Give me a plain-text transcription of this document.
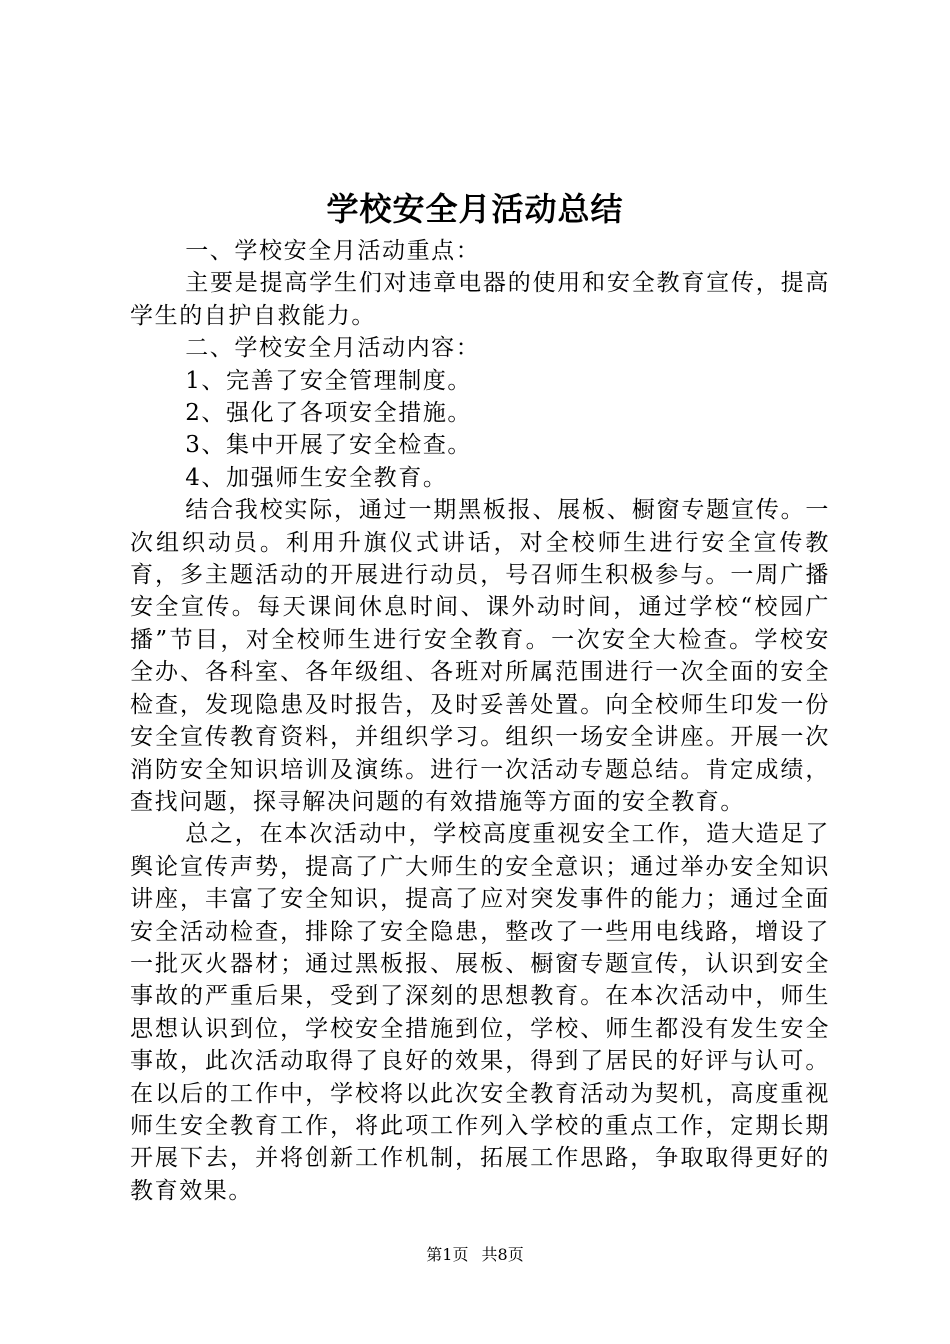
学校安全月活动总结

一、学校安全月活动重点：

主要是提高学生们对违章电器的使用和安全教育宣传，提高学生的自护自救能力。

二、学校安全月活动内容：

1、完善了安全管理制度。

2、强化了各项安全措施。

3、集中开展了安全检查。

4、加强师生安全教育。

结合我校实际，通过一期黑板报、展板、橱窗专题宣传。一次组织动员。利用升旗仪式讲话，对全校师生进行安全宣传教育，多主题活动的开展进行动员，号召师生积极参与。一周广播安全宣传。每天课间休息时间、课外动时间，通过学校“校园广播”节目，对全校师生进行安全教育。一次安全大检查。学校安全办、各科室、各年级组、各班对所属范围进行一次全面的安全检查，发现隐患及时报告，及时妥善处置。向全校师生印发一份安全宣传教育资料，并组织学习。组织一场安全讲座。开展一次消防安全知识培训及演练。进行一次活动专题总结。肯定成绩，查找问题，探寻解决问题的有效措施等方面的安全教育。

总之，在本次活动中，学校高度重视安全工作，造大造足了舆论宣传声势，提高了广大师生的安全意识；通过举办安全知识讲座，丰富了安全知识，提高了应对突发事件的能力；通过全面安全活动检查，排除了安全隐患，整改了一些用电线路，增设了一批灭火器材；通过黑板报、展板、橱窗专题宣传，认识到安全事故的严重后果，受到了深刻的思想教育。在本次活动中，师生思想认识到位，学校安全措施到位，学校、师生都没有发生安全事故，此次活动取得了良好的效果，得到了居民的好评与认可。在以后的工作中，学校将以此次安全教育活动为契机，高度重视师生安全教育工作，将此项工作列入学校的重点工作，定期长期开展下去，并将创新工作机制，拓展工作思路，争取取得更好的教育效果。

第1页 共8页
